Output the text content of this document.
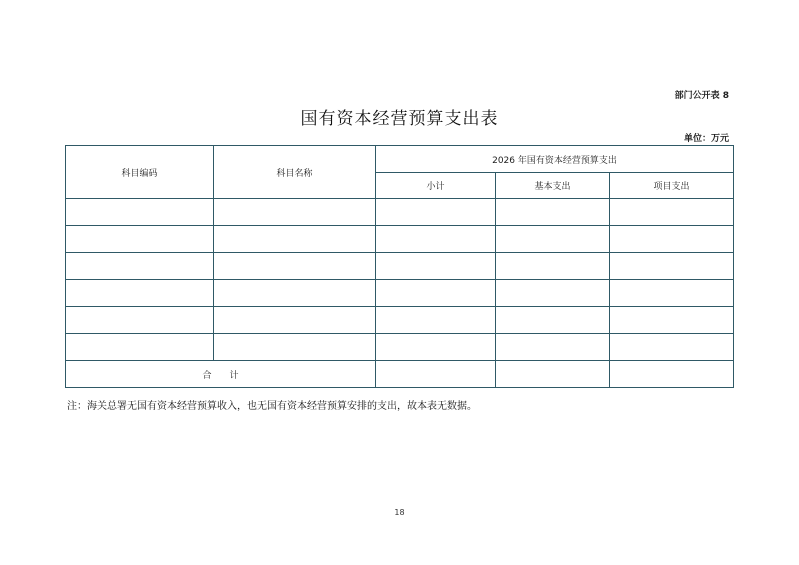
部门公开表 8
国有资本经营预算支出表
单位：万元
科目编码	科目名称	2026 年国有资本经营预算支出		
		小计	基本支出	项目支出

合　　计				
注：海关总署无国有资本经营预算收入，也无国有资本经营预算安排的支出，故本表无数据。
18
